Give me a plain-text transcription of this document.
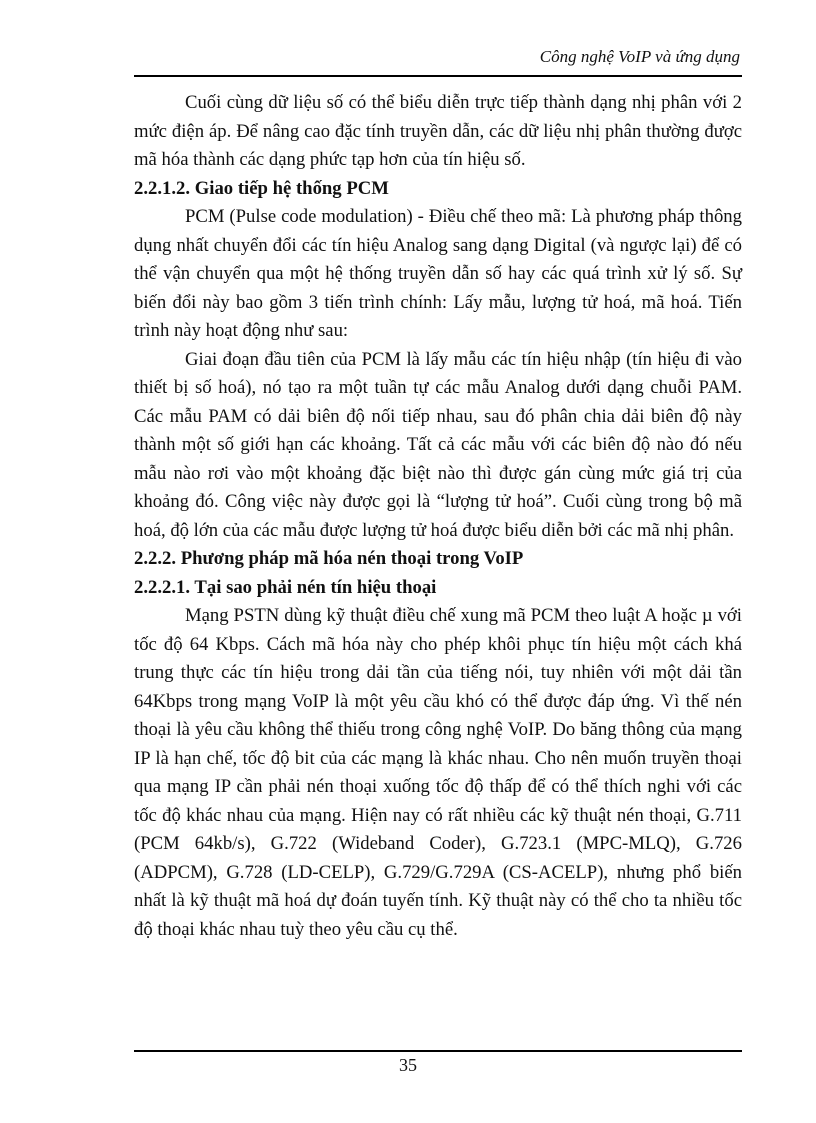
Công nghệ VoIP và ứng dụng

Cuối cùng dữ liệu số có thể biểu diễn trực tiếp thành dạng nhị phân với 2 mức điện áp. Để nâng cao đặc tính truyền dẫn, các dữ liệu nhị phân thường được mã hóa thành các dạng phức tạp hơn của tín hiệu số.

2.2.1.2. Giao tiếp hệ thống PCM

PCM (Pulse code modulation) - Điều chế theo mã: Là phương pháp thông dụng nhất chuyển đổi các tín hiệu Analog sang dạng Digital (và ngược lại) để có thể vận chuyển qua một hệ thống truyền dẫn số hay các quá trình xử lý số. Sự biến đổi này bao gồm 3 tiến trình chính: Lấy mẫu, lượng tử hoá, mã hoá. Tiến trình này hoạt động như sau:

Giai đoạn đầu tiên của PCM là lấy mẫu các tín hiệu nhập (tín hiệu đi vào thiết bị số hoá), nó tạo ra một tuần tự các mẫu Analog dưới dạng chuỗi PAM. Các mẫu PAM có dải biên độ nối tiếp nhau, sau đó phân chia dải biên độ này thành một số giới hạn các khoảng. Tất cả các mẫu với các biên độ nào đó nếu mẫu nào rơi vào một khoảng đặc biệt nào thì được gán cùng mức giá trị của khoảng đó. Công việc này được gọi là “lượng tử hoá”. Cuối cùng trong bộ mã hoá, độ lớn của các mẫu được lượng tử hoá được biểu diễn bởi các mã nhị phân.

2.2.2. Phương pháp mã hóa nén thoại trong VoIP
2.2.2.1. Tại sao phải nén tín hiệu thoại

Mạng PSTN dùng kỹ thuật điều chế xung mã PCM theo luật A hoặc µ với tốc độ 64 Kbps. Cách mã hóa này cho phép khôi phục tín hiệu một cách khá trung thực các tín hiệu trong dải tần của tiếng nói, tuy nhiên với một dải tần 64Kbps trong mạng VoIP là một yêu cầu khó có thể được đáp ứng. Vì thế nén thoại là yêu cầu không thể thiếu trong công nghệ VoIP. Do băng thông của mạng IP là hạn chế, tốc độ bit của các mạng là khác nhau. Cho nên muốn truyền thoại qua mạng IP cần phải nén thoại xuống tốc độ thấp để có thể thích nghi với các tốc độ khác nhau của mạng. Hiện nay có rất nhiều các kỹ thuật nén thoại, G.711 (PCM 64kb/s), G.722 (Wideband Coder), G.723.1 (MPC-MLQ), G.726 (ADPCM), G.728 (LD-CELP), G.729/G.729A (CS-ACELP), nhưng phổ biến nhất là kỹ thuật mã hoá dự đoán tuyến tính. Kỹ thuật này có thể cho ta nhiều tốc độ thoại khác nhau tuỳ theo yêu cầu cụ thể.

35
